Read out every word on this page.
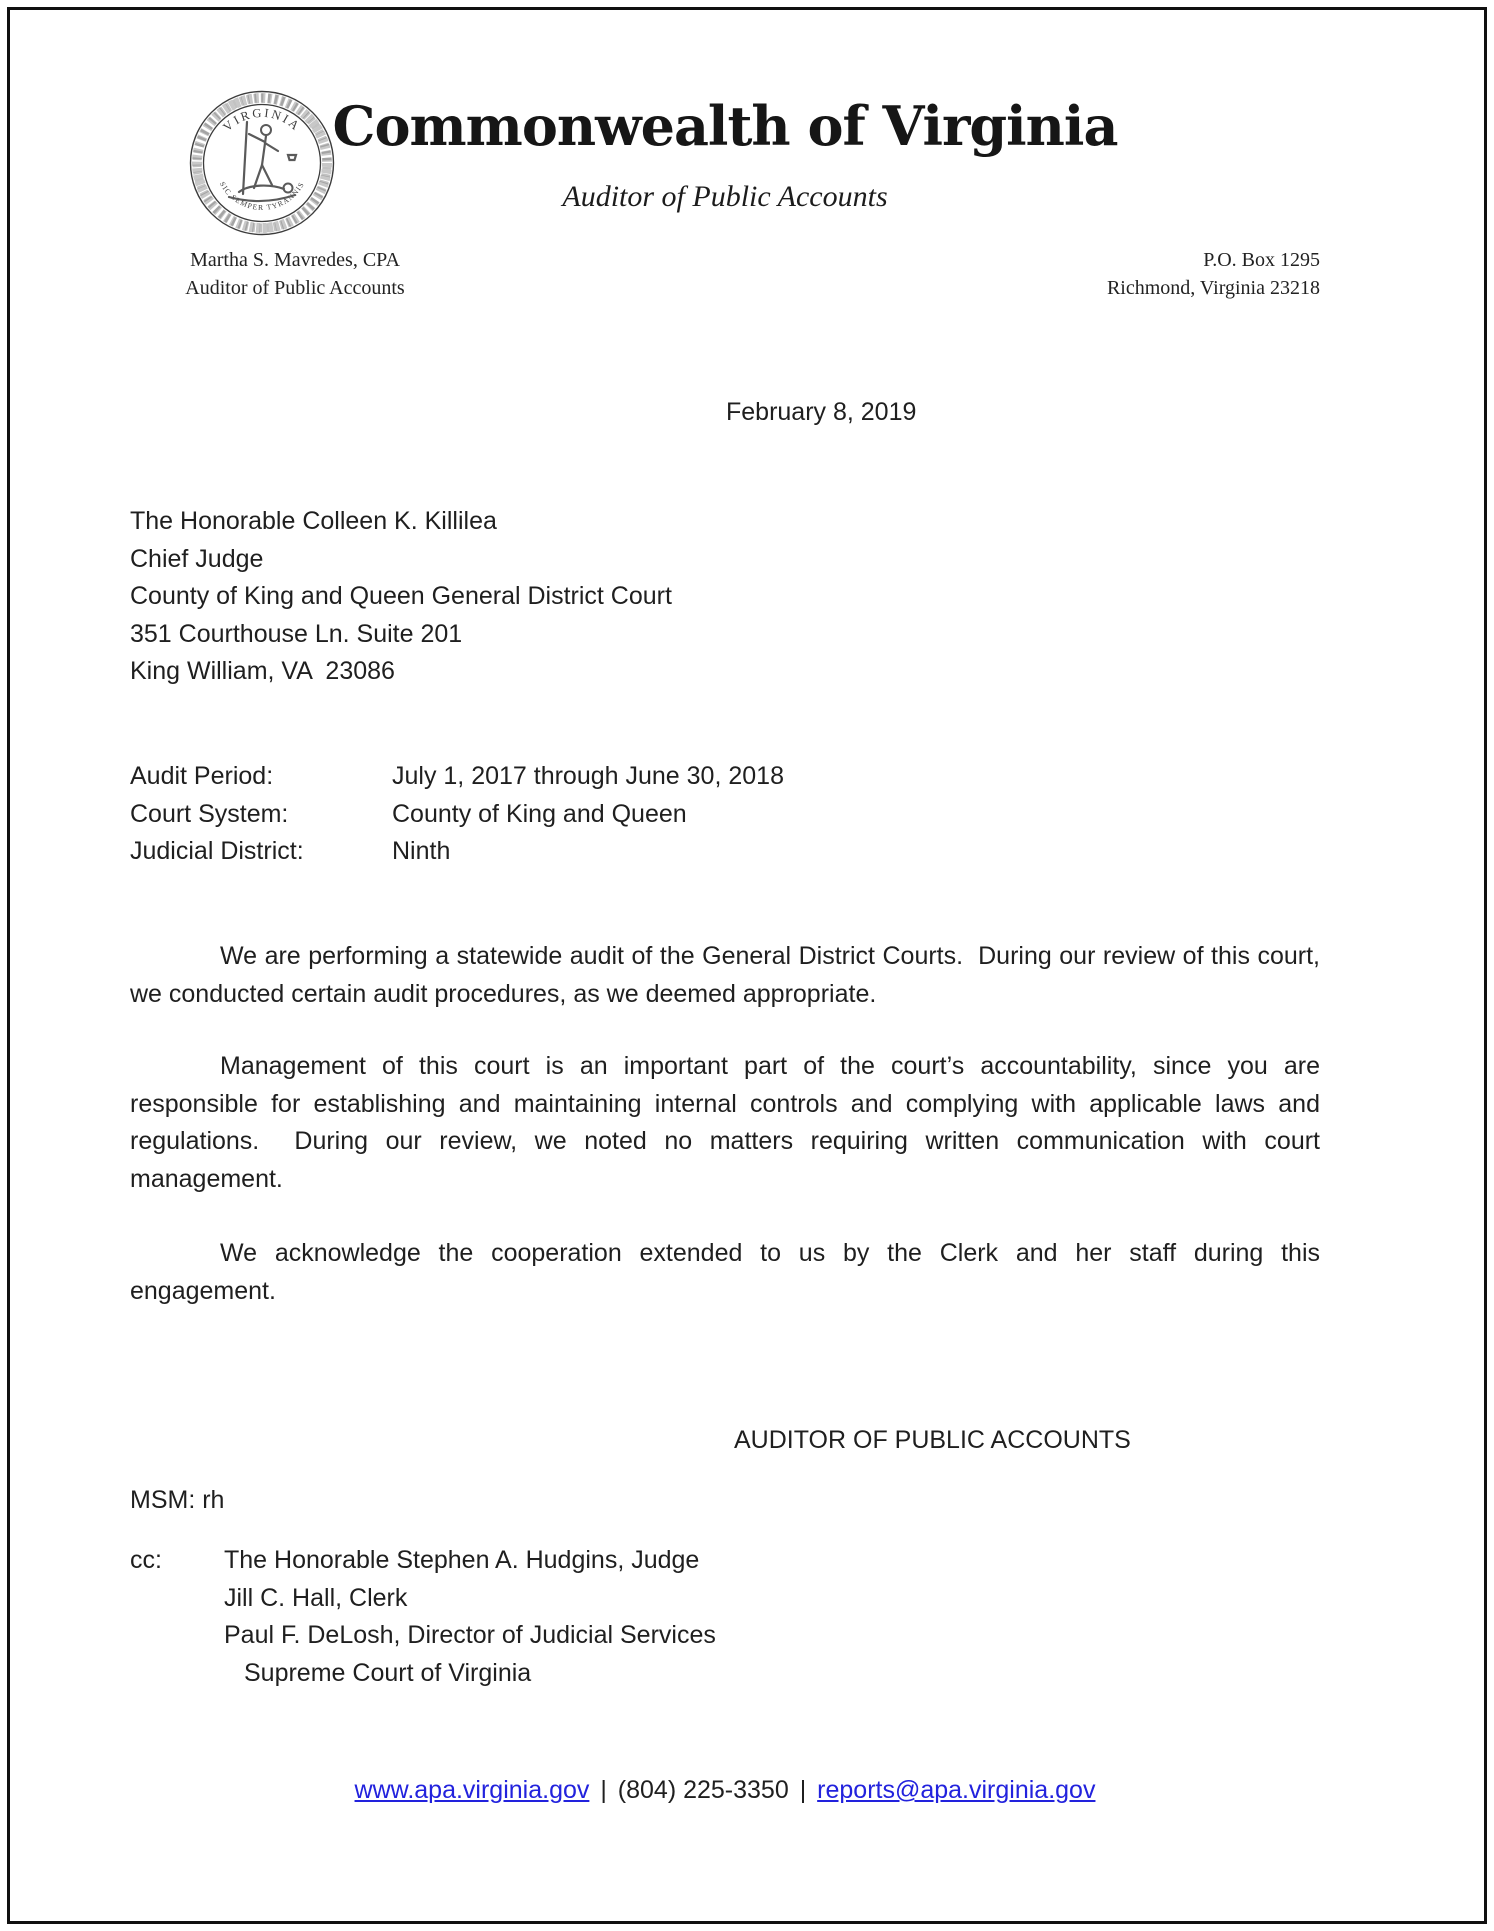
VIRGINIA
SIC SEMPER TYRANNIS
Commonwealth of Virginia
Auditor of Public Accounts
Martha S. Mavredes, CPA
Auditor of Public Accounts
P.O. Box 1295
Richmond, Virginia 23218
February 8, 2019
The Honorable Colleen K. Killilea
Chief Judge
County of King and Queen General District Court
351 Courthouse Ln. Suite 201
King William, VA  23086
Audit Period:	July 1, 2017 through June 30, 2018
Court System:	County of King and Queen
Judicial District:	Ninth

We are performing a statewide audit of the General District Courts.  During our review of this court, we conducted certain audit procedures, as we deemed appropriate.

Management of this court is an important part of the court’s accountability, since you are responsible for establishing and maintaining internal controls and complying with applicable laws and regulations.  During our review, we noted no matters requiring written communication with court management.

We acknowledge the cooperation extended to us by the Clerk and her staff during this engagement.

AUDITOR OF PUBLIC ACCOUNTS
MSM: rh
cc:	The Honorable Stephen A. Hudgins, Judge
Jill C. Hall, Clerk
Paul F. DeLosh, Director of Judicial Services
Supreme Court of Virginia
www.apa.virginia.gov | (804) 225-3350 | reports@apa.virginia.gov
